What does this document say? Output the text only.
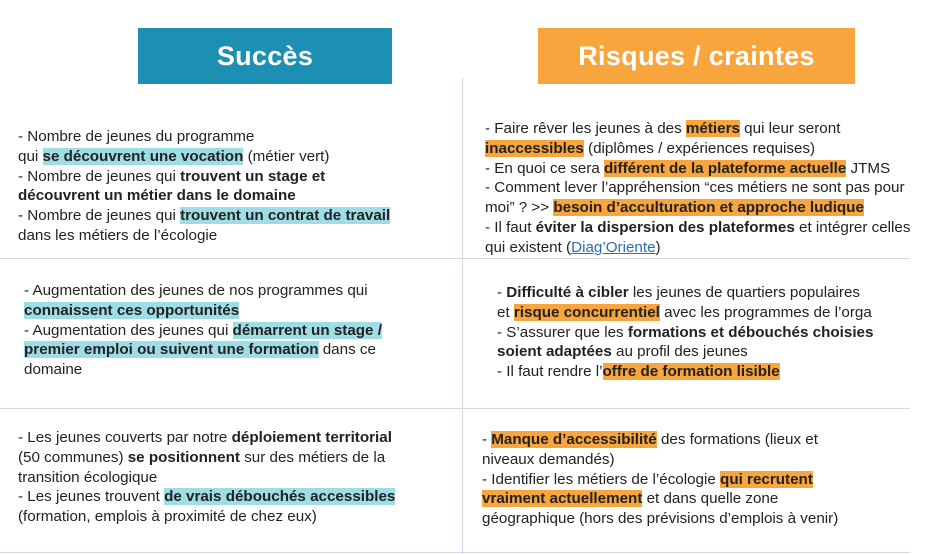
Succès	Risques / craintes
- Nombre de jeunes du programme
qui se découvrent une vocation (métier vert)
- Nombre de jeunes qui trouvent un stage et
découvrent un métier dans le domaine
- Nombre de jeunes qui trouvent un contrat de travail
dans les métiers de l’écologie
- Faire rêver les jeunes à des métiers qui leur seront
inaccessibles (diplômes / expériences requises)
- En quoi ce sera différent de la plateforme actuelle JTMS
- Comment lever l’appréhension “ces métiers ne sont pas pour
moi” ? >> besoin d’acculturation et approche ludique
- Il faut éviter la dispersion des plateformes et intégrer celles
qui existent (Diag’Oriente)
- Augmentation des jeunes de nos programmes qui
connaissent ces opportunités
- Augmentation des jeunes qui démarrent un stage /
premier emploi ou suivent une formation dans ce
domaine
- Difficulté à cibler les jeunes de quartiers populaires
et risque concurrentiel avec les programmes de l’orga
- S’assurer que les formations et débouchés choisies
soient adaptées au profil des jeunes
- Il faut rendre l’offre de formation lisible
- Les jeunes couverts par notre déploiement territorial
(50 communes) se positionnent sur des métiers de la
transition écologique
- Les jeunes trouvent de vrais débouchés accessibles
(formation, emplois à proximité de chez eux)
- Manque d’accessibilité des formations (lieux et
niveaux demandés)
- Identifier les métiers de l’écologie qui recrutent
vraiment actuellement et dans quelle zone
géographique (hors des prévisions d’emplois à venir)
